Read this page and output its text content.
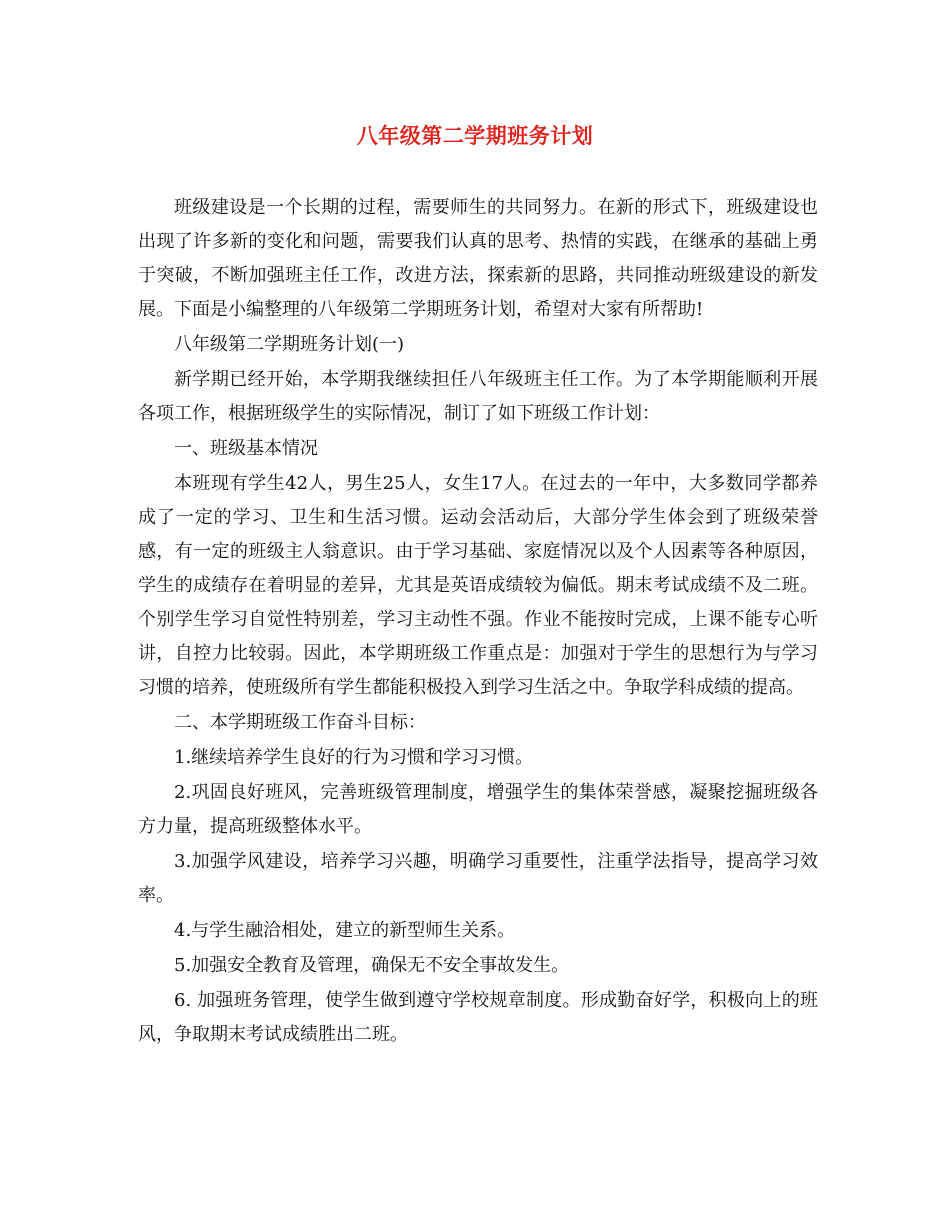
八年级第二学期班务计划

班级建设是一个长期的过程，需要师生的共同努力。在新的形式下，班级建设也出现了许多新的变化和问题，需要我们认真的思考、热情的实践，在继承的基础上勇于突破，不断加强班主任工作，改进方法，探索新的思路，共同推动班级建设的新发展。下面是小编整理的八年级第二学期班务计划，希望对大家有所帮助!

八年级第二学期班务计划(一)

新学期已经开始，本学期我继续担任八年级班主任工作。为了本学期能顺利开展各项工作，根据班级学生的实际情况，制订了如下班级工作计划：

一、班级基本情况

本班现有学生42人，男生25人，女生17人。在过去的一年中，大多数同学都养成了一定的学习、卫生和生活习惯。运动会活动后，大部分学生体会到了班级荣誉感，有一定的班级主人翁意识。由于学习基础、家庭情况以及个人因素等各种原因，学生的成绩存在着明显的差异，尤其是英语成绩较为偏低。期末考试成绩不及二班。个别学生学习自觉性特别差，学习主动性不强。作业不能按时完成，上课不能专心听讲，自控力比较弱。因此，本学期班级工作重点是：加强对于学生的思想行为与学习习惯的培养，使班级所有学生都能积极投入到学习生活之中。争取学科成绩的提高。

二、本学期班级工作奋斗目标：

1.继续培养学生良好的行为习惯和学习习惯。

2.巩固良好班风，完善班级管理制度，增强学生的集体荣誉感，凝聚挖掘班级各方力量，提高班级整体水平。

3.加强学风建设，培养学习兴趣，明确学习重要性，注重学法指导，提高学习效率。

4.与学生融洽相处，建立的新型师生关系。

5.加强安全教育及管理，确保无不安全事故发生。

6. 加强班务管理，使学生做到遵守学校规章制度。形成勤奋好学，积极向上的班风，争取期末考试成绩胜出二班。
